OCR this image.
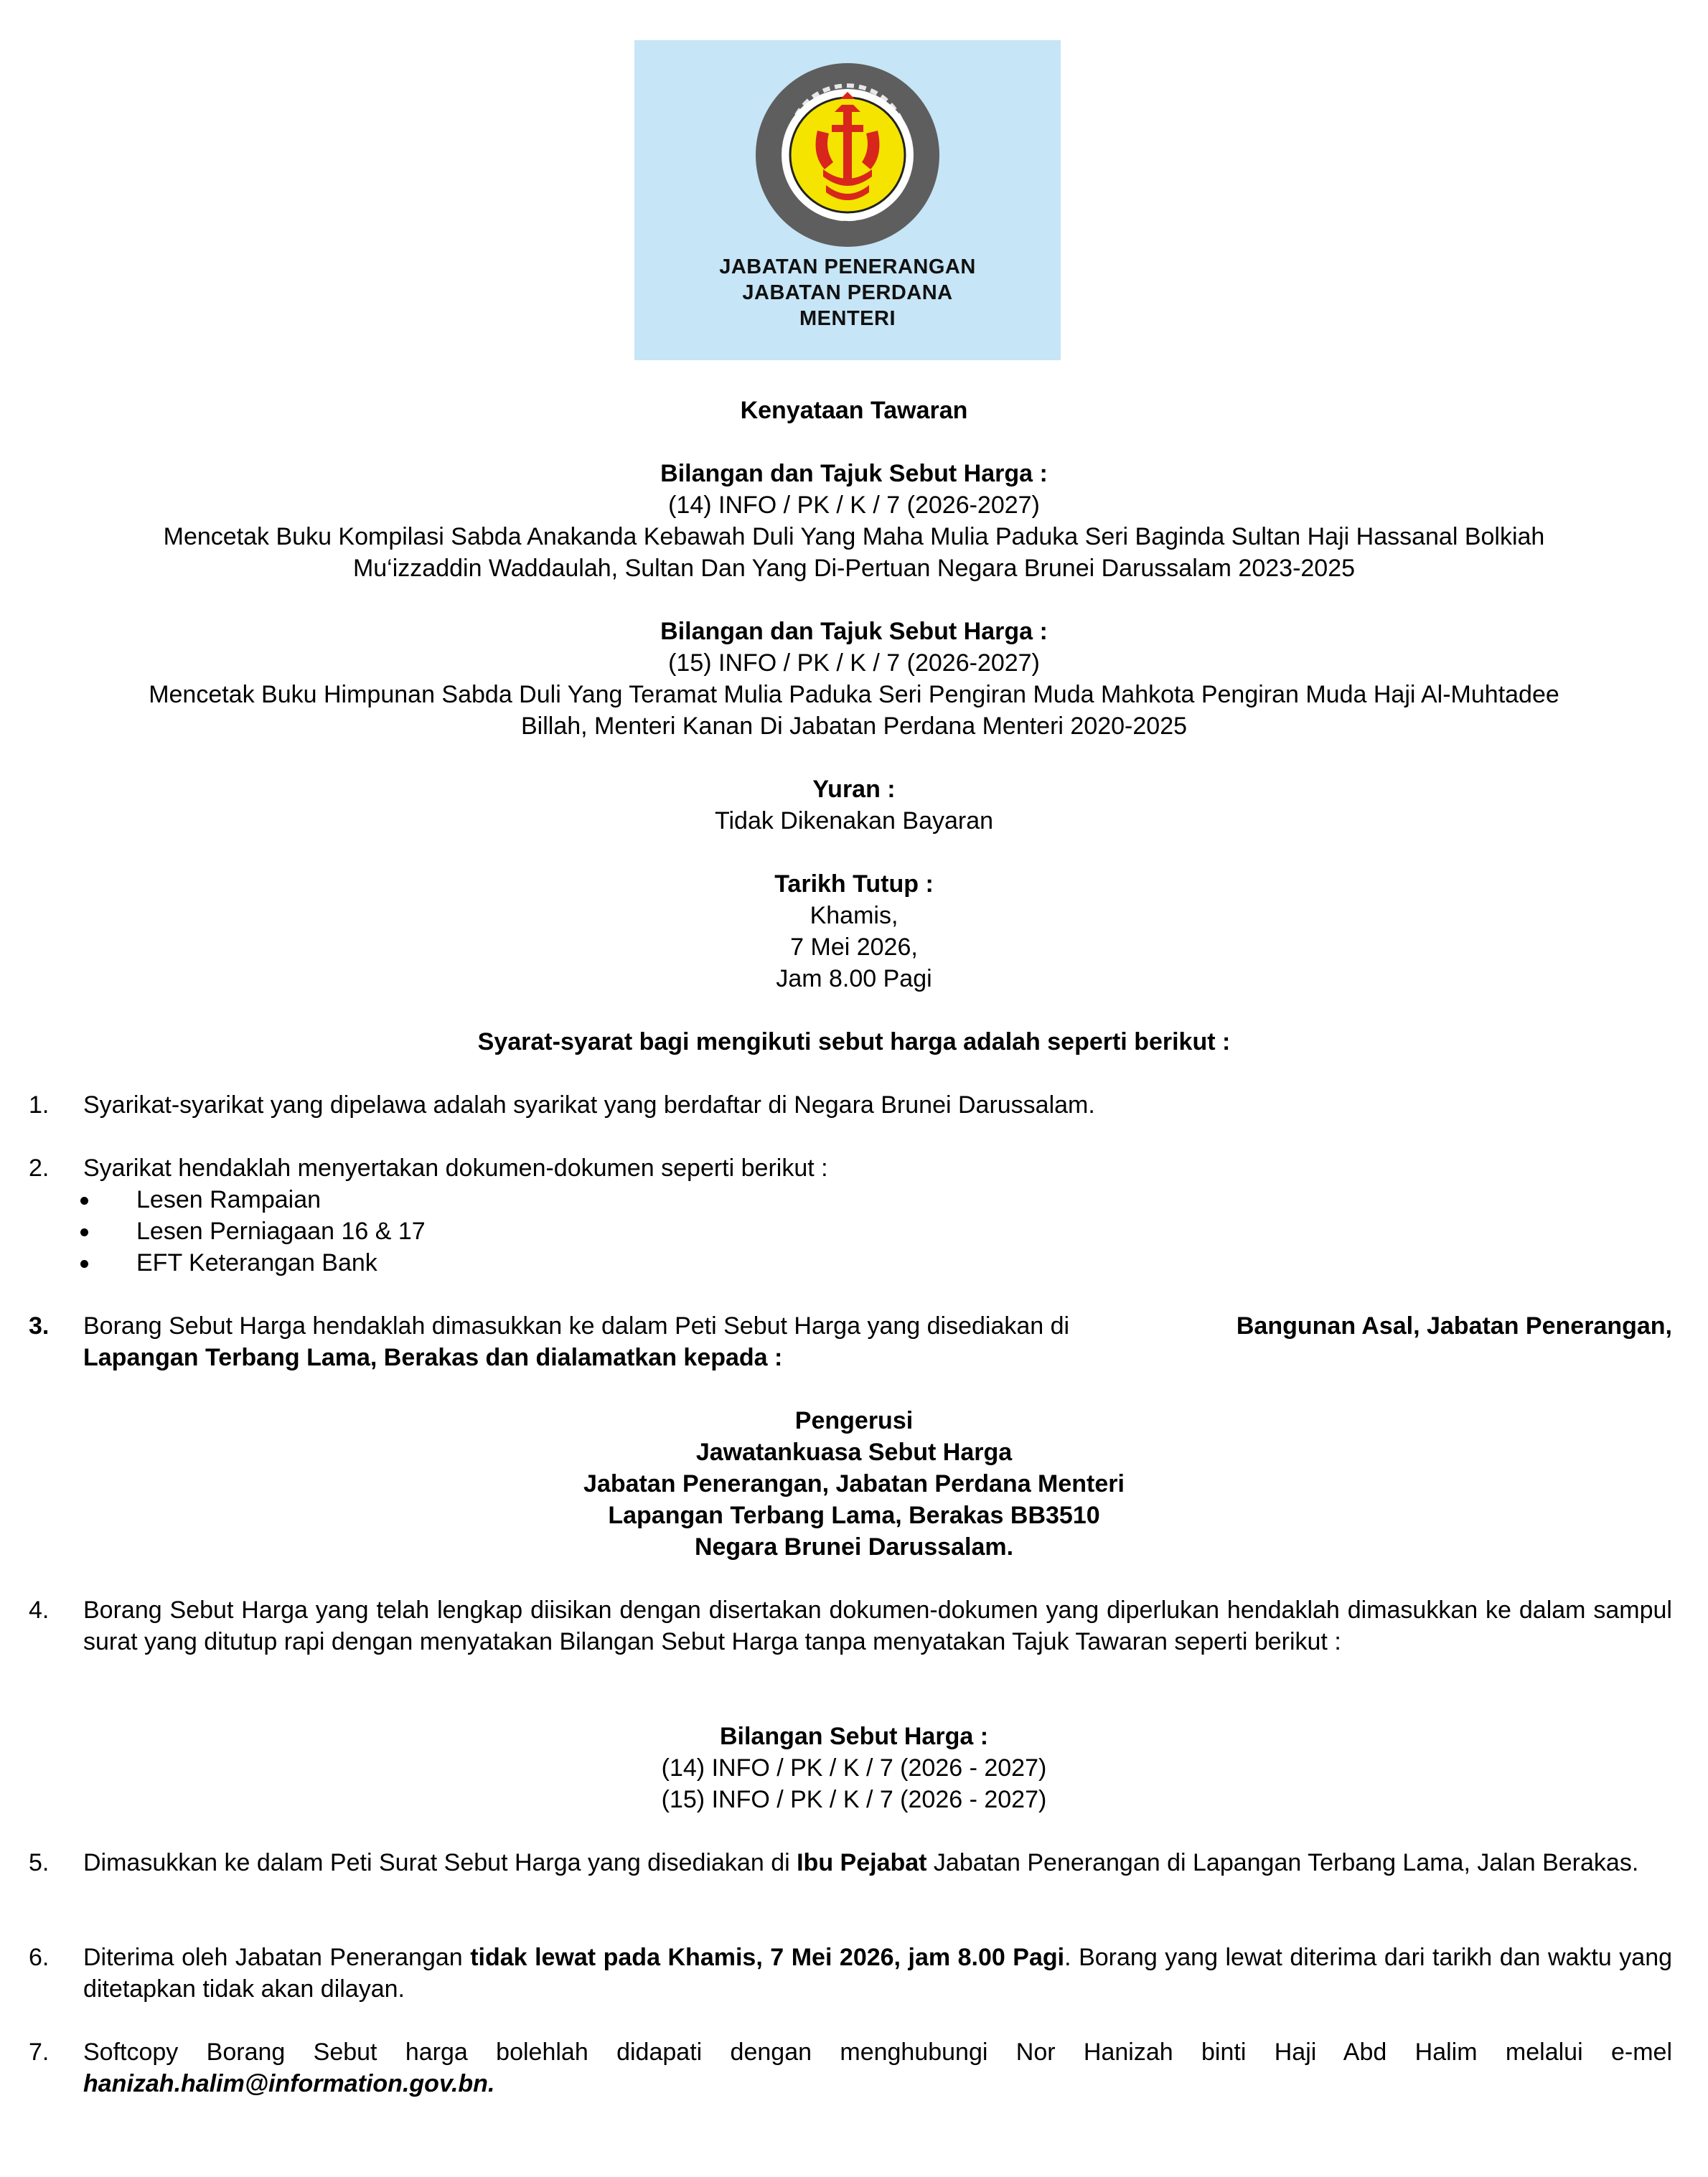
JABATAN PENERANGAN
JABATAN PERDANA
MENTERI
Kenyataan Tawaran
Bilangan dan Tajuk Sebut Harga :
(14) INFO / PK / K / 7 (2026-2027)
Mencetak Buku Kompilasi Sabda Anakanda Kebawah Duli Yang Maha Mulia Paduka Seri Baginda Sultan Haji Hassanal Bolkiah
Mu‘izzaddin Waddaulah, Sultan Dan Yang Di-Pertuan Negara Brunei Darussalam 2023-2025
Bilangan dan Tajuk Sebut Harga :
(15) INFO / PK / K / 7 (2026-2027)
Mencetak Buku Himpunan Sabda Duli Yang Teramat Mulia Paduka Seri Pengiran Muda Mahkota Pengiran Muda Haji Al-Muhtadee
Billah, Menteri Kanan Di Jabatan Perdana Menteri 2020-2025
Yuran :
Tidak Dikenakan Bayaran
Tarikh Tutup :
Khamis,
7 Mei 2026,
Jam 8.00 Pagi
Syarat-syarat bagi mengikuti sebut harga adalah seperti berikut :
1.	Syarikat-syarikat yang dipelawa adalah syarikat yang berdaftar di Negara Brunei Darussalam.
2.	Syarikat hendaklah menyertakan dokumen-dokumen seperti berikut :
Lesen Rampaian
Lesen Perniagaan 16 & 17
EFT Keterangan Bank
3.	Borang Sebut Harga hendaklah dimasukkan ke dalam Peti Sebut Harga yang disediakan di	Bangunan Asal, Jabatan Penerangan,
Lapangan Terbang Lama, Berakas dan dialamatkan kepada :
Pengerusi
Jawatankuasa Sebut Harga
Jabatan Penerangan, Jabatan Perdana Menteri
Lapangan Terbang Lama, Berakas BB3510
Negara Brunei Darussalam.
4.	Borang Sebut Harga yang telah lengkap diisikan dengan disertakan dokumen-dokumen yang diperlukan hendaklah dimasukkan ke dalam sampul surat yang ditutup rapi dengan menyatakan Bilangan Sebut Harga tanpa menyatakan Tajuk Tawaran seperti berikut :
Bilangan Sebut Harga :
(14) INFO / PK / K / 7 (2026 - 2027)
(15) INFO / PK / K / 7 (2026 - 2027)
5.	Dimasukkan ke dalam Peti Surat Sebut Harga yang disediakan di Ibu Pejabat Jabatan Penerangan di Lapangan Terbang Lama, Jalan Berakas.
6.	Diterima oleh Jabatan Penerangan tidak lewat pada Khamis, 7 Mei 2026, jam 8.00 Pagi. Borang yang lewat diterima dari tarikh dan waktu yang ditetapkan tidak akan dilayan.
7.	Softcopy Borang Sebut harga bolehlah didapati dengan menghubungi Nor Hanizah binti Haji Abd Halim melalui e-mel
hanizah.halim@information.gov.bn.
